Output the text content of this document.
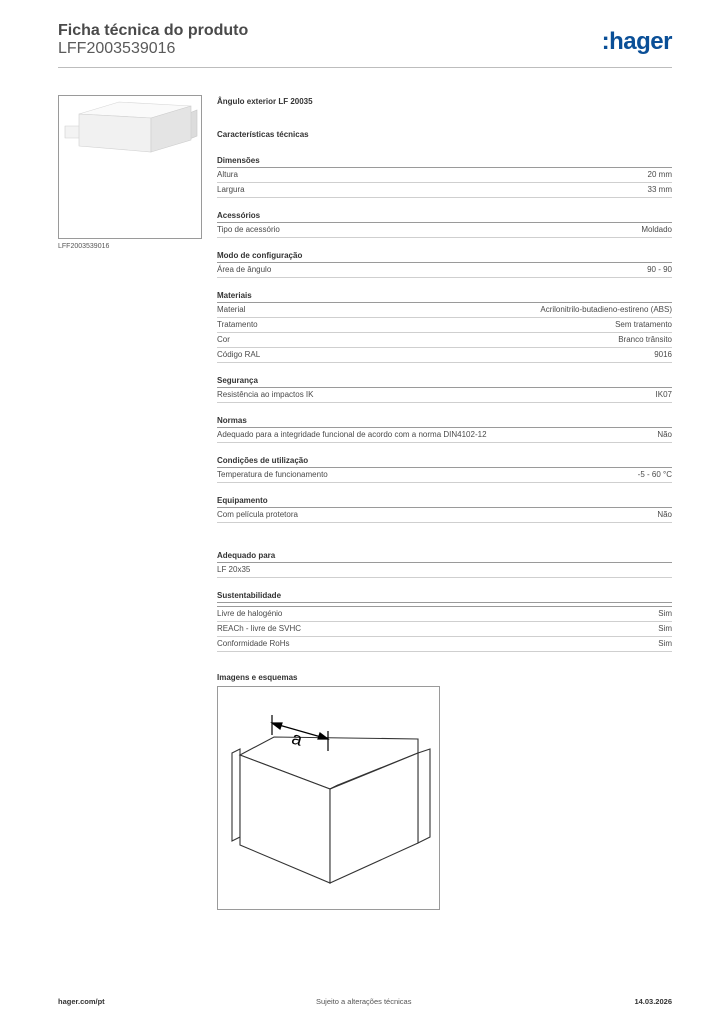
Ficha técnica do produto
LFF2003539016	:hager
LFF2003539016
Ângulo exterior LF 20035
Características técnicas
Dimensões
Altura	20 mm
Largura	33 mm
Acessórios
Tipo de acessório	Moldado
Modo de configuração
Área de ângulo	90 - 90
Materiais
Material	Acrilonitrilo-butadieno-estireno (ABS)
Tratamento	Sem tratamento
Cor	Branco trânsito
Código RAL	9016
Segurança
Resistência ao impactos IK	IK07
Normas
Adequado para a integridade funcional de acordo com a norma DIN4102-12	Não
Condições de utilização
Temperatura de funcionamento	-5 - 60 °C
Equipamento
Com película protetora	Não
Adequado para
LF 20x35
Sustentabilidade
Livre de halogénio	Sim
REACh - livre de SVHC	Sim
Conformidade RoHs	Sim
Imagens e esquemas
a
hager.com/pt	Sujeito a alterações técnicas	14.03.2026
